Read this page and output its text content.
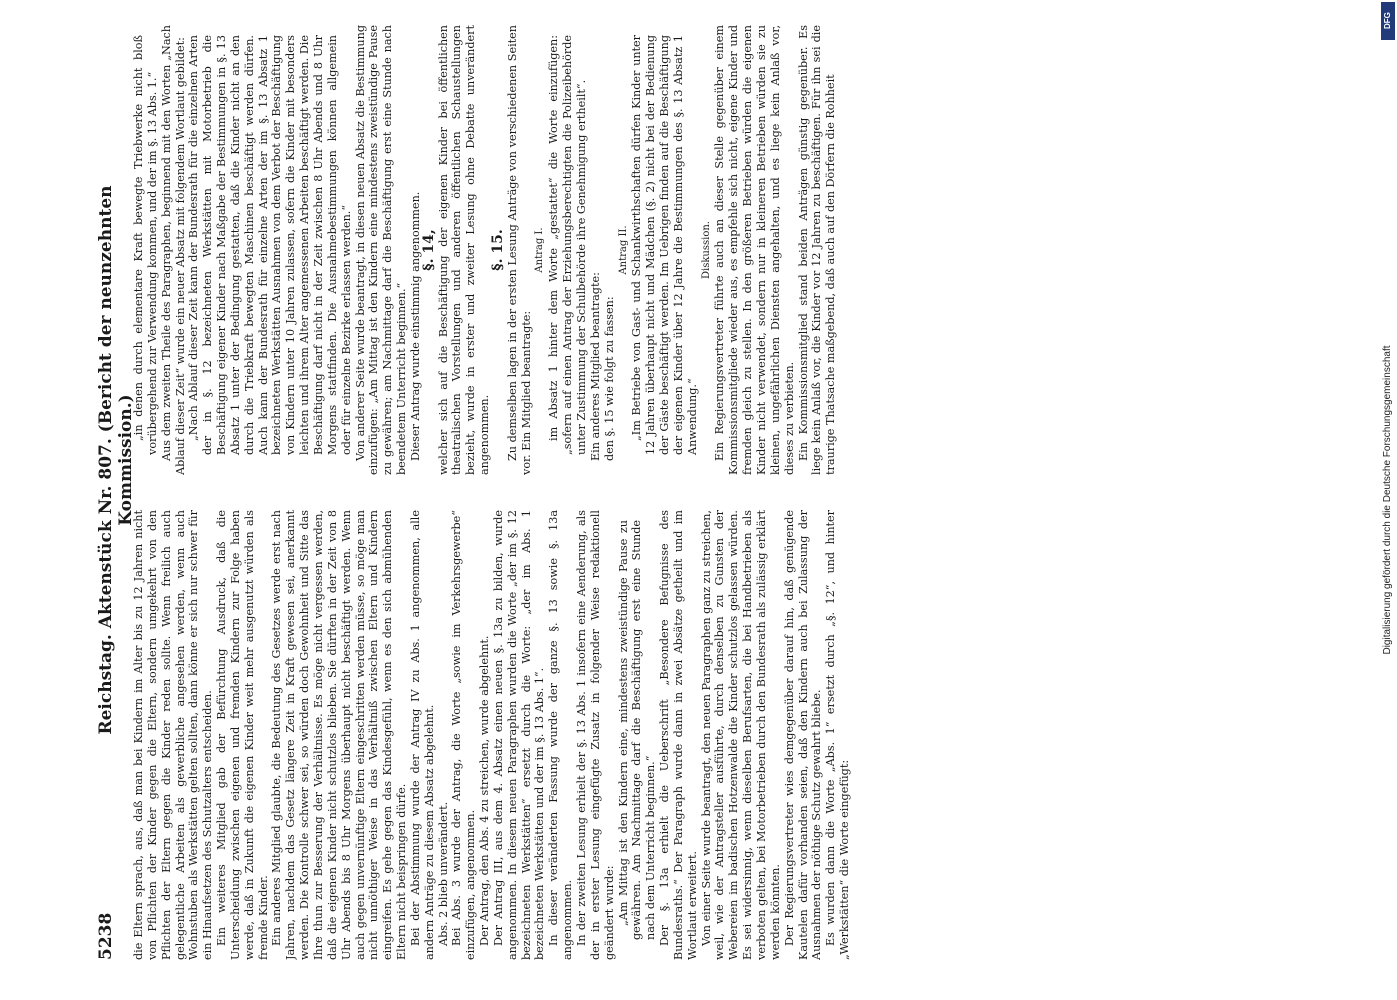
5238
Reichstag. Aktenstück Nr. 807. (Bericht der neunzehnten Kommission.)

die Eltern sprach, aus, daß man bei Kindern im Alter bis zu 12 Jahren nicht von Pflichten der Kinder gegen die Eltern, sondern umgekehrt von den Pflichten der Eltern gegen die Kinder reden sollte. Wenn freilich auch gelegentliche Arbeiten als gewerbliche angesehen werden, wenn auch Wohnstuben als Werkstätten gelten sollten, dann könne er sich nur schwer für ein Hinaufsetzen des Schutzalters entscheiden. Ein weiteres Mitglied gab der Befürchtung Ausdruck, daß die Unterscheidung zwischen eigenen und fremden Kindern zur Folge haben werde, daß in Zukunft die eigenen Kinder weit mehr ausgenutzt würden als fremde Kinder. Ein anderes Mitglied glaubte, die Bedeutung des Gesetzes werde erst nach Jahren, nachdem das Gesetz längere Zeit in Kraft gewesen sei, anerkannt werden. Die Kontrolle schwer sei, so würden doch Gewohnheit und Sitte das Ihre thun zur Besserung der Verhältnisse. Es möge nicht vergessen werden, daß die eigenen Kinder nicht schutzlos blieben. Sie dürften in der Zeit von 8 Uhr Abends bis 8 Uhr Morgens überhaupt nicht beschäftigt werden. Wenn auch gegen unvernünftige Eltern eingeschritten werden müsse, so möge man nicht unnöthiger Weise in das Verhältniß zwischen Eltern und Kindern eingreifen. Es gehe gegen das Kindesgefühl, wenn es den sich abmühenden Eltern nicht beispringen dürfe. Bei der Abstimmung wurde der Antrag IV zu Abs. 1 angenommen, alle andern Anträge zu diesem Absatz abgelehnt. Abs. 2 blieb unverändert. Bei Abs. 3 wurde der Antrag, die Worte „sowie im Verkehrsgewerbe“ einzufügen, angenommen. Der Antrag, den Abs. 4 zu streichen, wurde abgelehnt. Der Antrag III, aus dem 4. Absatz einen neuen §. 13a zu bilden, wurde angenommen. In diesem neuen Paragraphen wurden die Worte „der im §. 12 bezeichneten Werkstätten“ ersetzt durch die Worte: „der im Abs. 1 bezeichneten Werkstätten und der im §. 13 Abs. 1“. In dieser veränderten Fassung wurde der ganze §. 13 sowie §. 13a angenommen. In der zweiten Lesung erhielt der §. 13 Abs. 1 insofern eine Aenderung, als der in erster Lesung eingefügte Zusatz in folgender Weise redaktionell geändert wurde: „Am Mittag ist den Kindern eine, mindestens zweistündige Pause zu gewähren. Am Nachmittage darf die Beschäftigung erst eine Stunde nach dem Unterricht beginnen.“ Der §. 13a erhielt die Ueberschrift „Besondere Befugnisse des Bundesraths.“ Der Paragraph wurde dann in zwei Absätze getheilt und im Wortlaut erweitert. Von einer Seite wurde beantragt, den neuen Paragraphen ganz zu streichen, weil, wie der Antragsteller ausführte, durch denselben zu Gunsten der Webereien im badischen Hotzenwalde die Kinder schutzlos gelassen würden. Es sei widersinnig, wenn dieselben Berufsarten, die bei Handbetrieben als verboten gelten, bei Motorbetrieben durch den Bundesrath als zulässig erklärt werden könnten. Der Regierungsvertreter wies demgegenüber darauf hin, daß genügende Kautelen dafür vorhanden seien, daß den Kindern auch bei Zulassung der Ausnahmen der nöthige Schutz gewahrt bliebe. Es wurden dann die Worte „Abs. 1“ ersetzt durch „§. 12“, und hinter „Werkstätten“ die Worte eingefügt:

„in denen durch elementare Kraft bewegte Triebwerke nicht bloß vorübergehend zur Verwendung kommen, und der im §. 13 Abs. 1.“ Aus dem zweiten Theile des Paragraphen, beginnend mit den Worten „Nach Ablauf dieser Zeit“ wurde ein neuer Absatz mit folgendem Wortlaut gebildet: „Nach Ablauf dieser Zeit kann der Bundesrath für die einzelnen Arten der in §. 12 bezeichneten Werkstätten mit Motorbetrieb die Beschäftigung eigener Kinder nach Maßgabe der Bestimmungen in §. 13 Absatz 1 unter der Bedingung gestatten, daß die Kinder nicht an den durch die Triebkraft bewegten Maschinen beschäftigt werden dürfen. Auch kann der Bundesrath für einzelne Arten der im §. 13 Absatz 1 bezeichneten Werkstätten Ausnahmen von dem Verbot der Beschäftigung von Kindern unter 10 Jahren zulassen, sofern die Kinder mit besonders leichten und ihrem Alter angemessenen Arbeiten beschäftigt werden. Die Beschäftigung darf nicht in der Zeit zwischen 8 Uhr Abends und 8 Uhr Morgens stattfinden. Die Ausnahmebestimmungen können allgemein oder für einzelne Bezirke erlassen werden.“ Von anderer Seite wurde beantragt, in diesen neuen Absatz die Bestimmung einzufügen: „Am Mittag ist den Kindern eine mindestens zweistündige Pause zu gewähren; am Nachmittage darf die Beschäftigung erst eine Stunde nach beendetem Unterricht beginnen.“ Dieser Antrag wurde einstimmig angenommen.

§. 14, welcher sich auf die Beschäftigung der eigenen Kinder bei öffentlichen theatralischen Vorstellungen und anderen öffentlichen Schaustellungen bezieht, wurde in erster und zweiter Lesung ohne Debatte unverändert angenommen.

§. 15. Zu demselben lagen in der ersten Lesung Anträge von verschiedenen Seiten vor. Ein Mitglied beantragte:

Antrag I. im Absatz 1 hinter dem Worte „gestattet“ die Worte einzufügen: „sofern auf einen Antrag der Erziehungsberechtigten die Polizeibehörde unter Zustimmung der Schulbehörde ihre Genehmigung ertheilt“. Ein anderes Mitglied beantragte: den §. 15 wie folgt zu fassen:

Antrag II. „Im Betriebe von Gast- und Schankwirthschaften dürfen Kinder unter 12 Jahren überhaupt nicht und Mädchen (§. 2) nicht bei der Bedienung der Gäste beschäftigt werden. Im Uebrigen finden auf die Beschäftigung der eigenen Kinder über 12 Jahre die Bestimmungen des §. 13 Absatz 1 Anwendung.“

Diskussion. Ein Regierungsvertreter führte auch an dieser Stelle gegenüber einem Kommissionsmitgliede wieder aus, es empfehle sich nicht, eigene Kinder und fremden gleich zu stellen. In den größeren Betrieben würden die eigenen Kinder nicht verwendet, sondern nur in kleineren Betrieben würden sie zu kleinen, ungefährlichen Diensten angehalten, und es liege kein Anlaß vor, dieses zu verbieten. Ein Kommissionsmitglied stand beiden Anträgen günstig gegenüber. Es liege kein Anlaß vor, die Kinder vor 12 Jahren zu beschäftigen. Für ihn sei die traurige Thatsache maßgebend, daß auch auf den Dörfern die Rohheit

DFG
Digitalisierung gefördert durch die Deutsche Forschungsgemeinschaft
